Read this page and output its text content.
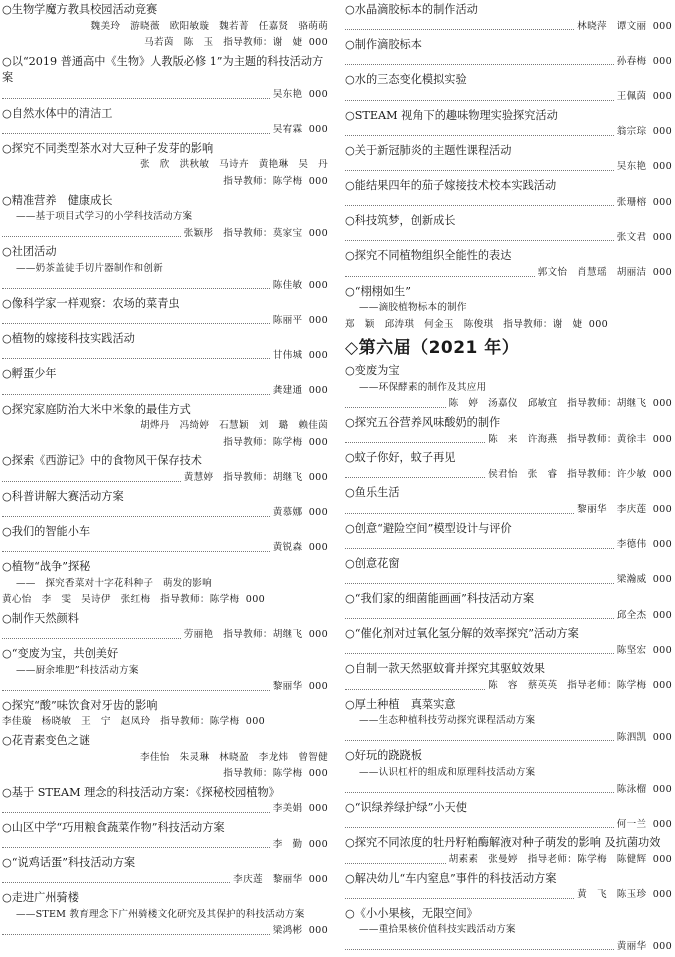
○生物学魔方教具校园活动竞赛
魏美玲　游晓薇　欧阳敏璇　魏若菁　任嘉贤　骆萌萌
马若茵　陈　玉　指导教师：谢　婕 000
○以“2019 普通高中《生物》人教版必修 1”为主题的科技活动方案
吴东艳 000
○自然水体中的清洁工
吴宥霖 000
○探究不同类型茶水对大豆种子发芽的影响
张　欣　洪秋敏　马诗卉　黄艳琳　吴　丹
指导教师：陈学梅 000
○精准营养　健康成长
——基于项目式学习的小学科技活动方案
张颖彤　指导教师：莫家宝 000
○社团活动
——奶茶盖徒手切片器制作和创新
陈佳敏 000
○像科学家一样观察：农场的菜青虫
陈丽平 000
○植物的嫁接科技实践活动
甘伟城 000
○孵蛋少年
龚建通 000
○探究家庭防治大米中米象的最佳方式
胡烨丹　冯绮婷　石慧颖　刘　璐　赖佳茵
指导教师：陈学梅 000
○探索《西游记》中的食物风干保存技术
黄慧婷　指导教师：胡继飞 000
○科普讲解大赛活动方案
黄慕娜 000
○我们的智能小车
黄锐森 000
○植物“战争”探秘
——　探究香菜对十字花科种子　萌发的影响
黄心怡　李　雯　吴诗伊　张红梅　指导教师：陈学梅 000
○制作天然颜料
劳丽艳　指导教师：胡继飞 000
○“变废为宝，共创美好
——厨余堆肥”科技活动方案
黎丽华 000
○探究“酸”味饮食对牙齿的影响
李佳璇　杨晓敏　王　宁　赵凤玲　指导教师：陈学梅 000
○花青素变色之谜
李佳怡　朱灵琳　林晓盈　李龙炜　曾智健
指导教师：陈学梅 000
○基于 STEAM 理念的科技活动方案：《探秘校园植物》
李美娟 000
○山区中学“巧用粮食蔬菜作物”科技活动方案
李　勤 000
○“说鸡话蛋”科技活动方案
李庆莲　黎丽华 000
○走进广州骑楼
——STEM 教育理念下广州骑楼文化研究及其保护的科技活动方案
梁鸿彬 000
○水晶滴胶标本的制作活动
林晓萍　谭文丽 000
○制作滴胶标本
孙春梅 000
○水的三态变化模拟实验
王佩茵 000
○STEAM 视角下的趣味物理实验探究活动
翁宗琮 000
○关于新冠肺炎的主题性课程活动
吴东艳 000
○能结果四年的茄子嫁接技术校本实践活动
张珊榕 000
○科技筑梦，创新成长
张文君 000
○探究不同植物组织全能性的表达
郭文怡　肖慧瑶　胡丽洁 000
○“栩栩如生”
——滴胶植物标本的制作
郑　颖　邱涛琪　何金玉　陈俊琪　指导教师：谢　婕 000
◇第六届（2021 年）
○变废为宝
——环保酵素的制作及其应用
陈　婷　汤嘉仪　邱敏宜　指导教师：胡继飞 000
○探究五谷营养风味酸奶的制作
陈　来　许海燕　指导教师：黄徐丰 000
○蚊子你好，蚊子再见
侯君怡　张　睿　指导教师：许少敏 000
○鱼乐生活
黎丽华　李庆莲 000
○创意“避险空间”模型设计与评价
李德伟 000
○创意花窗
梁瀚威 000
○“我们家的细菌能画画”科技活动方案
邱全杰 000
○“催化剂对过氧化氢分解的效率探究”活动方案
陈坚宏 000
○自制一款天然驱蚊膏并探究其驱蚊效果
陈　容　蔡英英　指导老师：陈学梅 000
○厚土种植　真菜实意
——生态种植科技劳动探究课程活动方案
陈泗凯 000
○好玩的跷跷板
——认识杠杆的组成和原理科技活动方案
陈泳榴 000
○“识绿养绿护绿”小天使
何一兰 000
○探究不同浓度的牡丹籽粕酶解液对种子萌发的影响 及抗菌功效
胡素素　张曼婷　指导老师：陈学梅　陈健辉 000
○解决幼儿“车内窒息”事件的科技活动方案
黄　飞　陈玉珍 000
○《小小果核，无限空间》
——重拾果核价值科技实践活动方案
黄丽华 000
